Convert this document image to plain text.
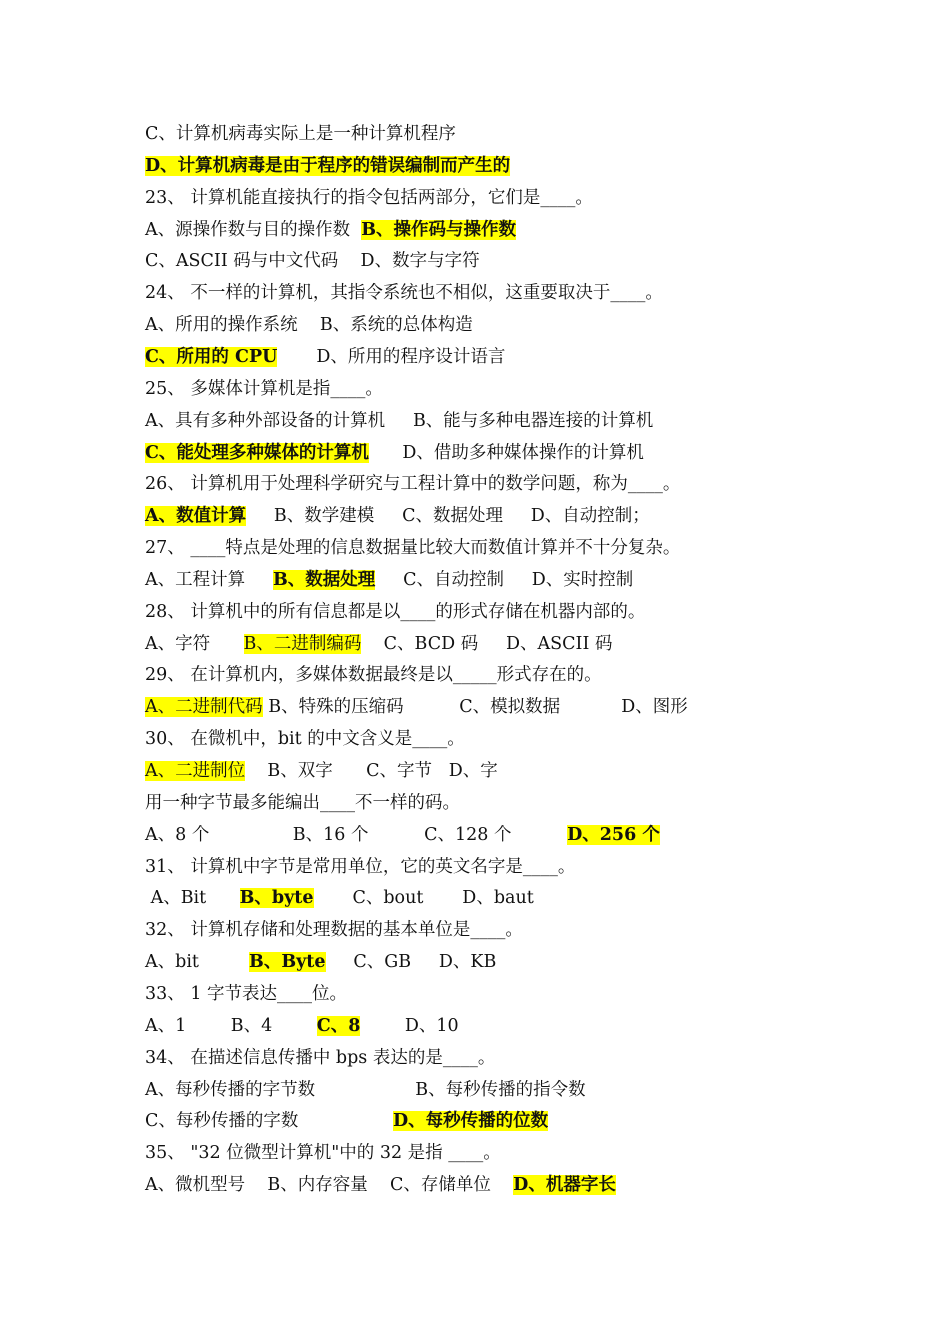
C、计算机病毒实际上是一种计算机程序
D、计算机病毒是由于程序的错误编制而产生的
23、 计算机能直接执行的指令包括两部分，它们是____。
A、源操作数与目的操作数  B、操作码与操作数
C、ASCII 码与中文代码    D、数字与字符
24、 不一样的计算机，其指令系统也不相似，这重要取决于____。
A、所用的操作系统    B、系统的总体构造
C、所用的 CPU       D、所用的程序设计语言
25、 多媒体计算机是指____。
A、具有多种外部设备的计算机     B、能与多种电器连接的计算机
C、能处理多种媒体的计算机      D、借助多种媒体操作的计算机
26、 计算机用于处理科学研究与工程计算中的数学问题，称为____。
A、数值计算     B、数学建模     C、数据处理     D、自动控制；
27、 ____特点是处理的信息数据量比较大而数值计算并不十分复杂。
A、工程计算     B、数据处理     C、自动控制     D、实时控制
28、 计算机中的所有信息都是以____的形式存储在机器内部的。
A、字符      B、二进制编码    C、BCD 码     D、ASCII 码
29、 在计算机内，多媒体数据最终是以_____形式存在的。
A、二进制代码 B、特殊的压缩码          C、模拟数据           D、图形
30、 在微机中，bit 的中文含义是____。
A、二进制位    B、双字      C、字节   D、字
用一种字节最多能编出____不一样的码。
A、8 个               B、16 个          C、128 个          D、256 个
31、 计算机中字节是常用单位，它的英文名字是____。
A、Bit      B、byte       C、bout       D、baut
32、 计算机存储和处理数据的基本单位是____。
A、bit         B、Byte     C、GB     D、KB
33、 1 字节表达____位。
A、1        B、4        C、8        D、10
34、 在描述信息传播中 bps 表达的是____。
A、每秒传播的字节数                  B、每秒传播的指令数
C、每秒传播的字数                 D、每秒传播的位数
35、 "32 位微型计算机"中的 32 是指 ____。
A、微机型号    B、内存容量    C、存储单位    D、机器字长
